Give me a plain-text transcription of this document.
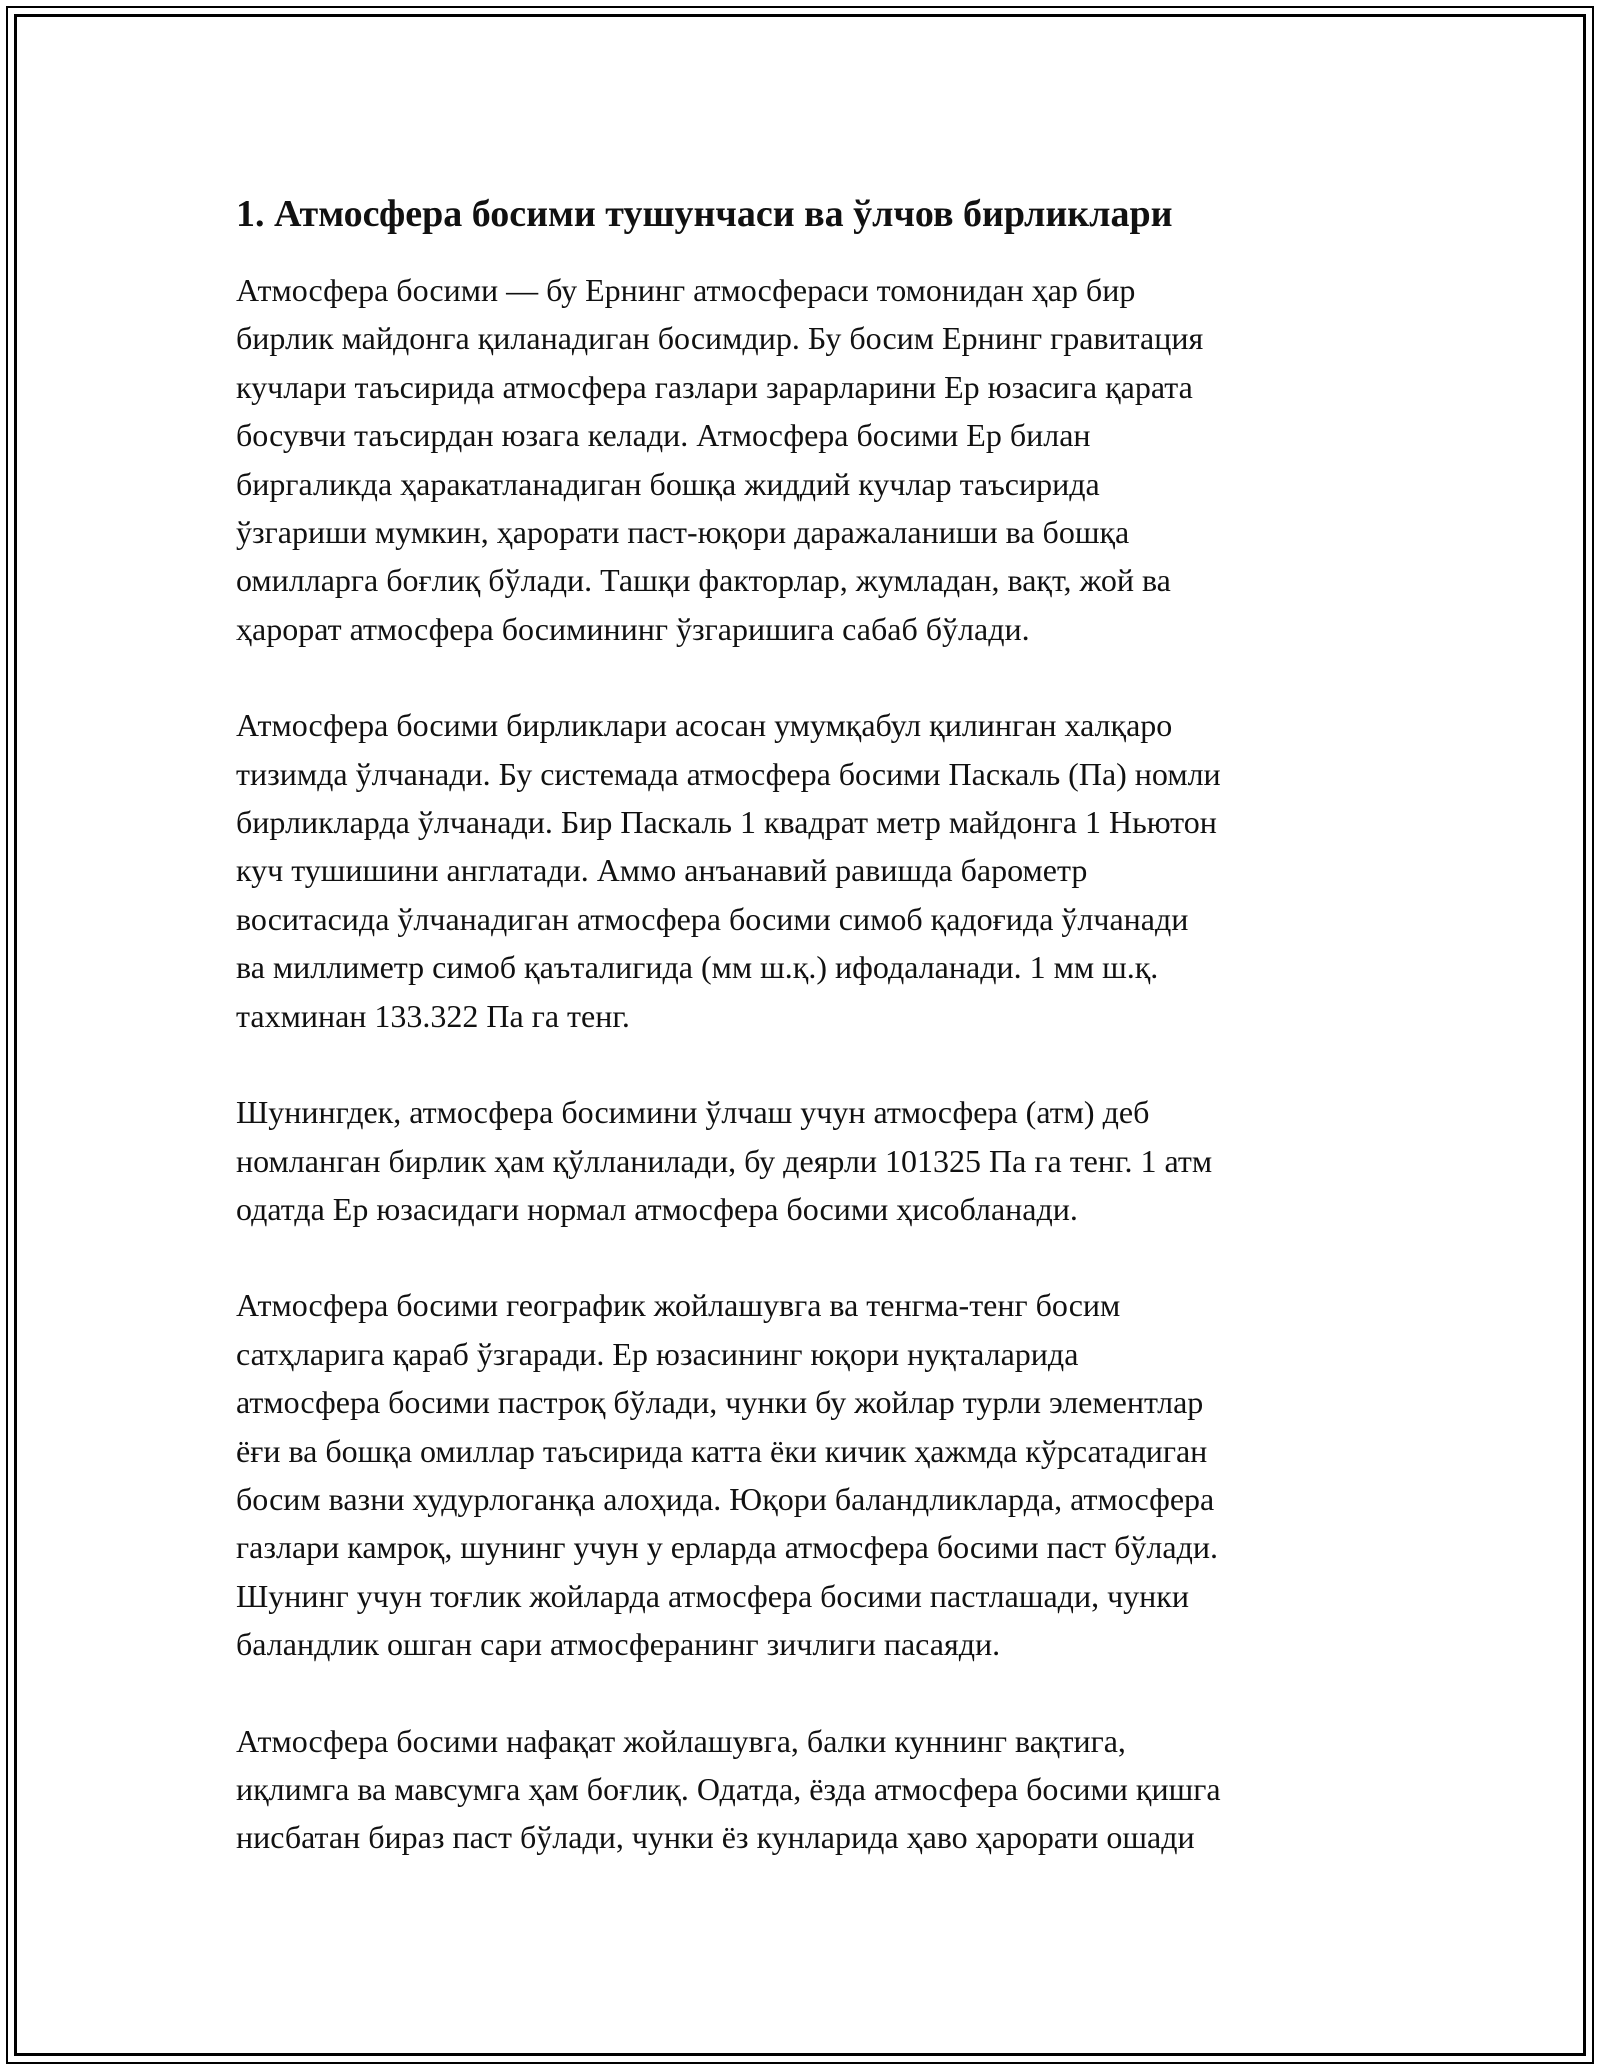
1. Атмосфера босими тушунчаси ва ўлчов бирликлари

Атмосфера босими — бу Ернинг атмосфераси томонидан ҳар бир
бирлик майдонга қиланадиган босимдир. Бу босим Ернинг гравитация
кучлари таъсирида атмосфера газлари зарарларини Ер юзасига қарата
босувчи таъсирдан юзага келади. Атмосфера босими Ер билан
биргаликда ҳаракатланадиган бошқа жиддий кучлар таъсирида
ўзгариши мумкин, ҳарорати паст-юқори даражаланиши ва бошқа
омилларга боғлиқ бўлади. Ташқи факторлар, жумладан, вақт, жой ва
ҳарорат атмосфера босимининг ўзгаришига сабаб бўлади.

Атмосфера босими бирликлари асосан умумқабул қилинган халқаро
тизимда ўлчанади. Бу системада атмосфера босими Паскаль (Па) номли
бирликларда ўлчанади. Бир Паскаль 1 квадрат метр майдонга 1 Ньютон
куч тушишини англатади. Аммо анъанавий равишда барометр
воситасида ўлчанадиган атмосфера босими симоб қадоғида ўлчанади
ва миллиметр симоб қаъталигида (мм ш.қ.) ифодаланади. 1 мм ш.қ.
тахминан 133.322 Па га тенг.

Шунингдек, атмосфера босимини ўлчаш учун атмосфера (атм) деб
номланган бирлик ҳам қўлланилади, бу деярли 101325 Па га тенг. 1 атм
одатда Ер юзасидаги нормал атмосфера босими ҳисобланади.

Атмосфера босими географик жойлашувга ва тенгма-тенг босим
сатҳларига қараб ўзгаради. Ер юзасининг юқори нуқталарида
атмосфера босими пастроқ бўлади, чунки бу жойлар турли элементлар
ёғи ва бошқа омиллар таъсирида катта ёки кичик ҳажмда кўрсатадиган
босим вазни худурлоганқа алоҳида. Юқори баландликларда, атмосфера
газлари камроқ, шунинг учун у ерларда атмосфера босими паст бўлади.
Шунинг учун тоғлик жойларда атмосфера босими пастлашади, чунки
баландлик ошган сари атмосферанинг зичлиги пасаяди.

Атмосфера босими нафақат жойлашувга, балки куннинг вақтига,
иқлимга ва мавсумга ҳам боғлиқ. Одатда, ёзда атмосфера босими қишга
нисбатан бираз паст бўлади, чунки ёз кунларида ҳаво ҳарорати ошади
